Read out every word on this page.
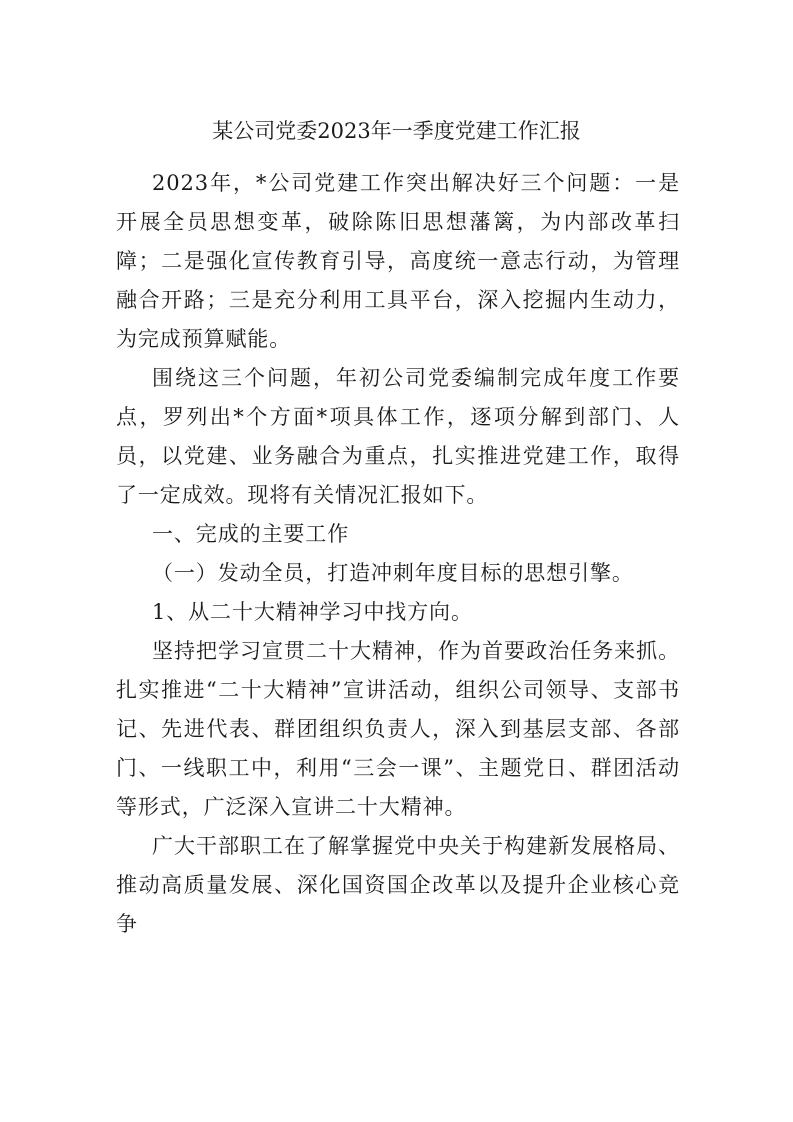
某公司党委2023年一季度党建工作汇报

2023年，*公司党建工作突出解决好三个问题：一是开展全员思想变革，破除陈旧思想藩篱，为内部改革扫障；二是强化宣传教育引导，高度统一意志行动，为管理融合开路；三是充分利用工具平台，深入挖掘内生动力，为完成预算赋能。

围绕这三个问题，年初公司党委编制完成年度工作要点，罗列出*个方面*项具体工作，逐项分解到部门、人员，以党建、业务融合为重点，扎实推进党建工作，取得了一定成效。现将有关情况汇报如下。

一、完成的主要工作

（一）发动全员，打造冲刺年度目标的思想引擎。

1、从二十大精神学习中找方向。

坚持把学习宣贯二十大精神，作为首要政治任务来抓。扎实推进“二十大精神”宣讲活动，组织公司领导、支部书记、先进代表、群团组织负责人，深入到基层支部、各部门、一线职工中，利用“三会一课”、主题党日、群团活动等形式，广泛深入宣讲二十大精神。

广大干部职工在了解掌握党中央关于构建新发展格局、推动高质量发展、深化国资国企改革以及提升企业核心竞争
